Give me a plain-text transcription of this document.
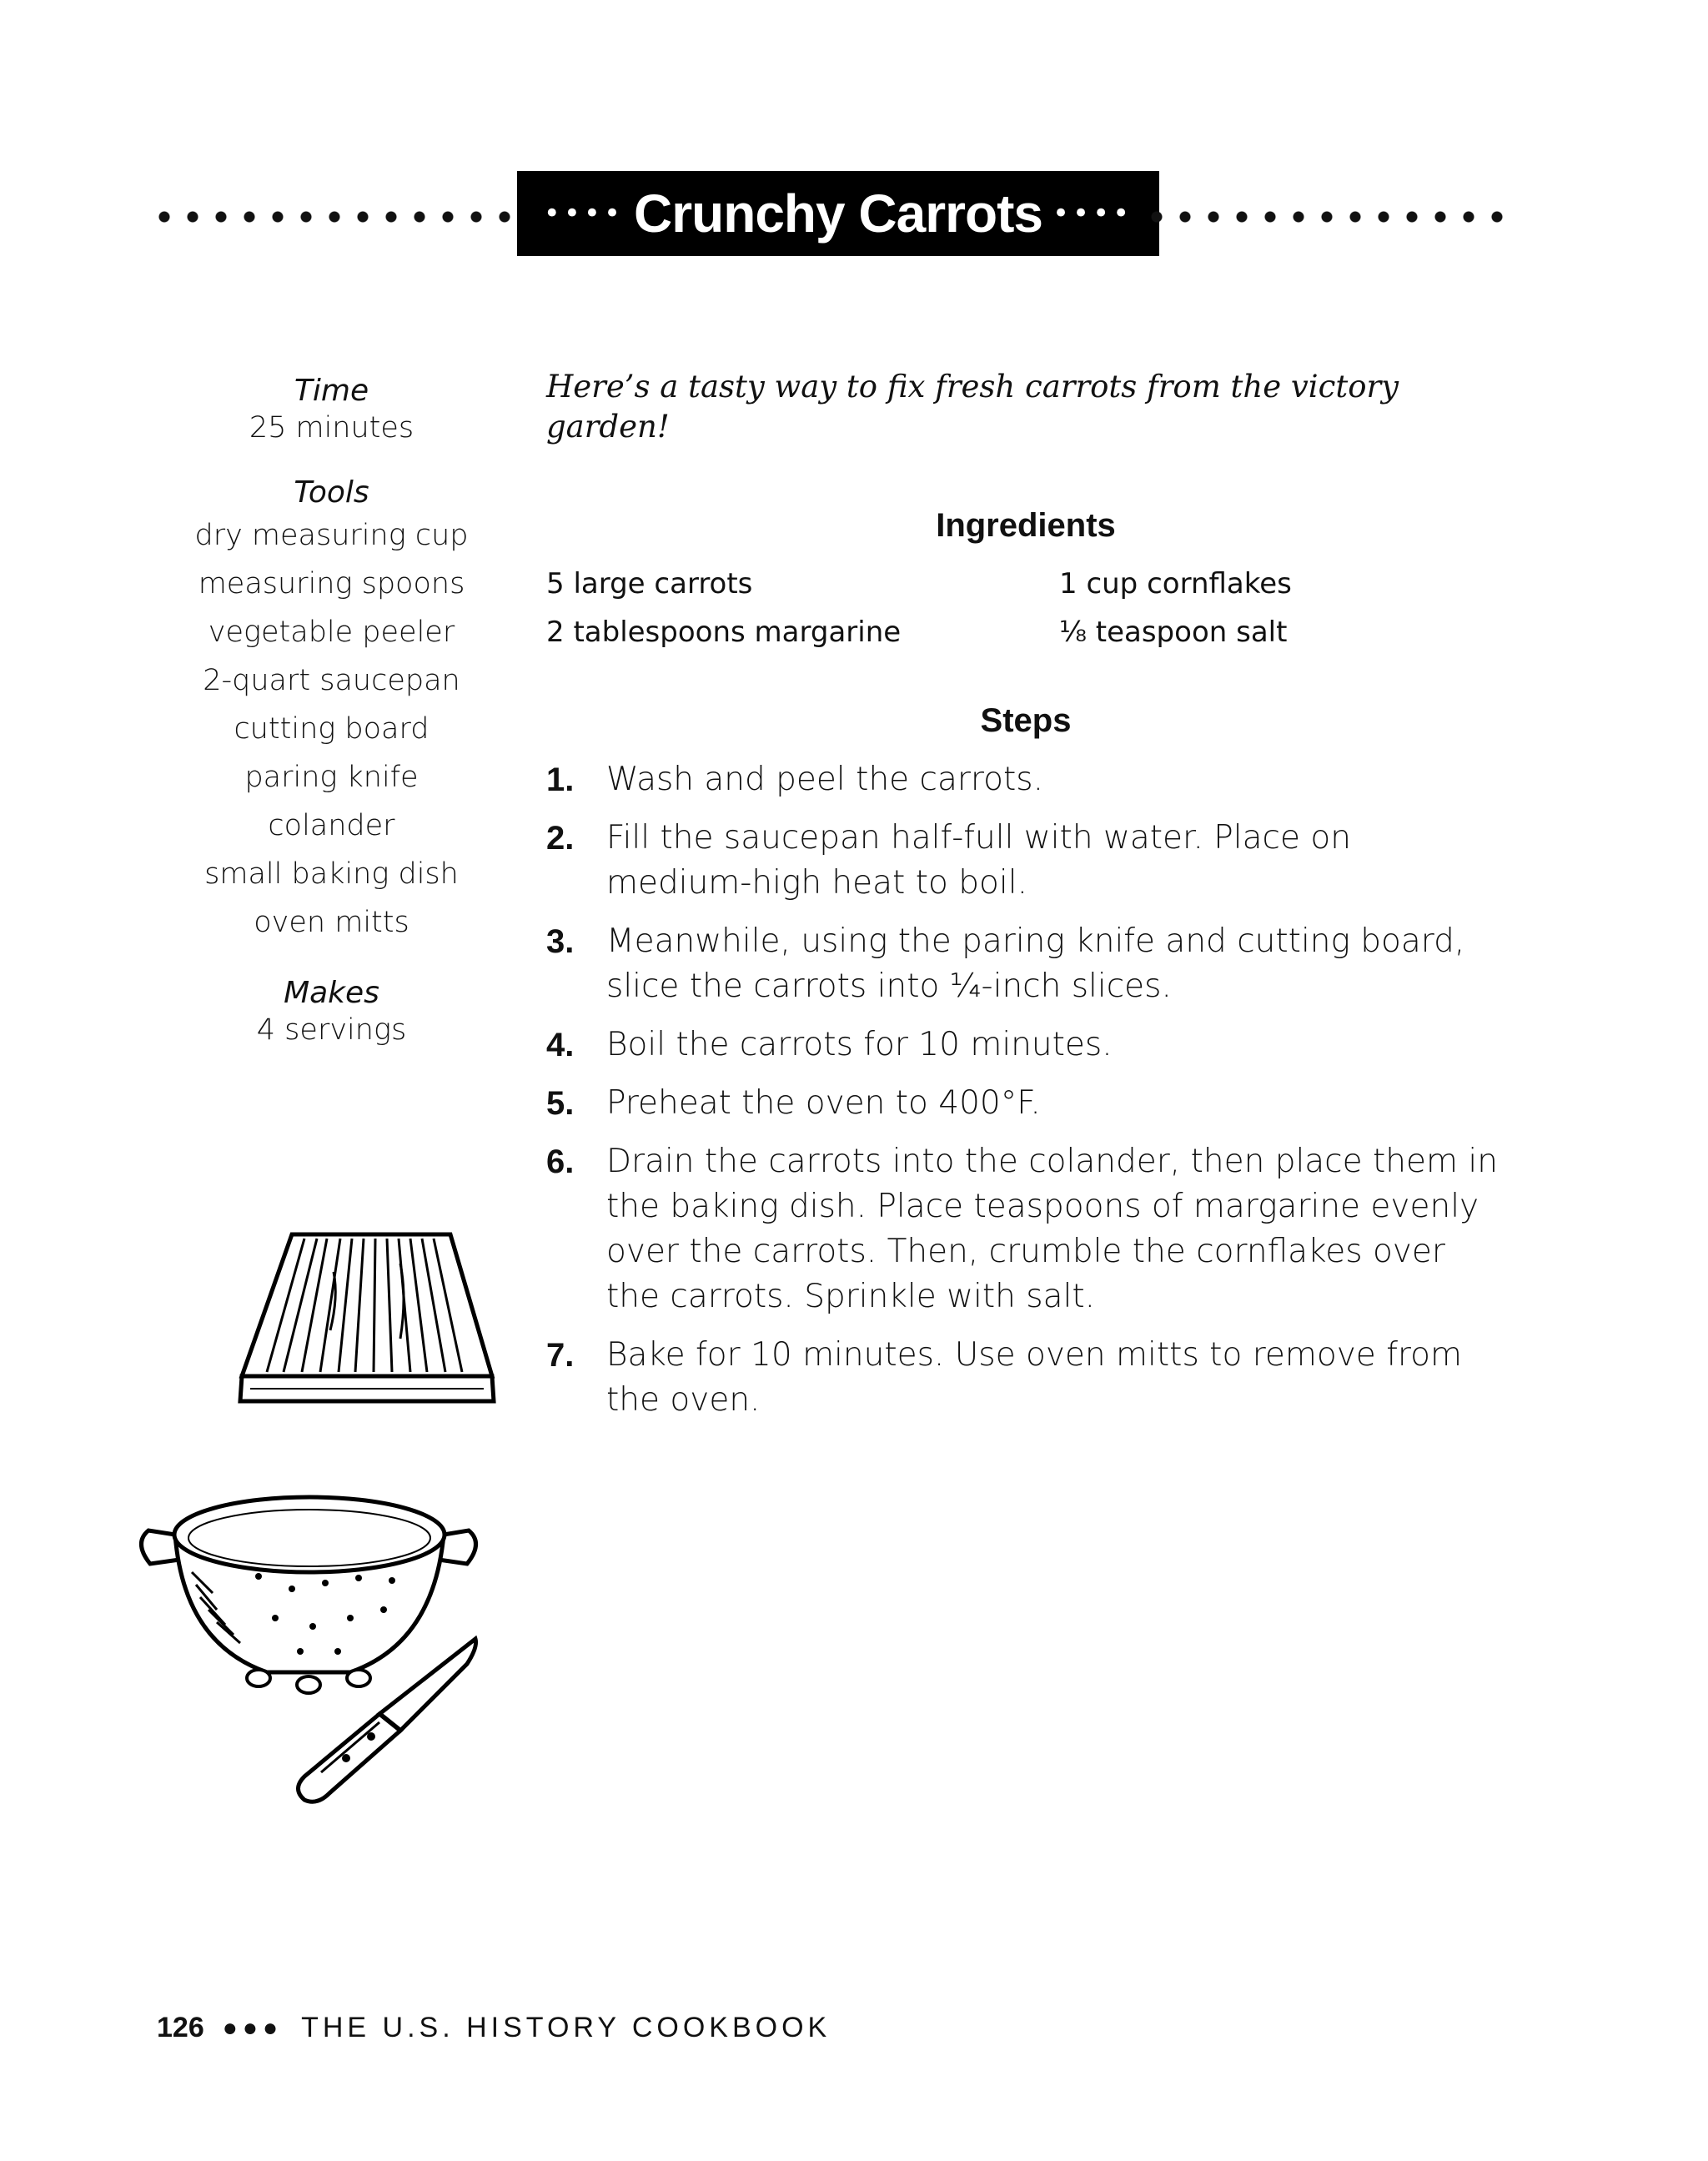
•••• Crunchy Carrots ••••
Time
25 minutes
Tools
dry measuring cup
measuring spoons
vegetable peeler
2-quart saucepan
cutting board
paring knife
colander
small baking dish
oven mitts
Makes
4 servings

Here’s a tasty way to fix fresh carrots from the victory garden!

Ingredients
5 large carrots	1 cup cornflakes
2 tablespoons margarine	⅛ teaspoon salt
Steps
1. Wash and peel the carrots.
2. Fill the saucepan half-full with water. Place on medium-high heat to boil.
3. Meanwhile, using the paring knife and cutting board, slice the carrots into ¼-inch slices.
4. Boil the carrots for 10 minutes.
5. Preheat the oven to 400°F.
6. Drain the carrots into the colander, then place them in the baking dish. Place teaspoons of margarine evenly over the carrots. Then, crumble the cornflakes over the carrots. Sprinkle with salt.
7. Bake for 10 minutes. Use oven mitts to remove from the oven.
126 ●●● THE U.S. HISTORY COOKBOOK
